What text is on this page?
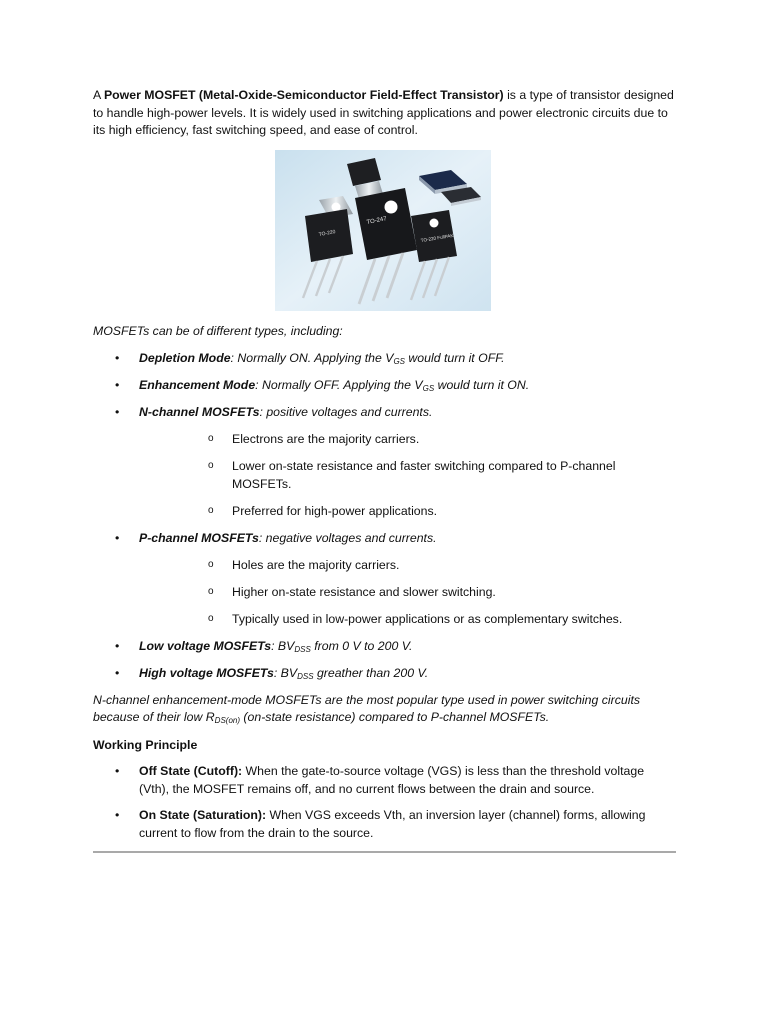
A Power MOSFET (Metal-Oxide-Semiconductor Field-Effect Transistor) is a type of transistor designed to handle high-power levels. It is widely used in switching applications and power electronic circuits due to its high efficiency, fast switching speed, and ease of control.

TO-220
TO-247
TO-220 FullPAK

MOSFETs can be of different types, including:

• Depletion Mode: Normally ON. Applying the $V_{GS}$ would turn it OFF.
• Enhancement Mode: Normally OFF. Applying the $V_{GS}$ would turn it ON.
• N-channel MOSFETs: positive voltages and currents.
o Electrons are the majority carriers.
o Lower on-state resistance and faster switching compared to P-channel MOSFETs.
o Preferred for high-power applications.
• P-channel MOSFETs: negative voltages and currents.
o Holes are the majority carriers.
o Higher on-state resistance and slower switching.
o Typically used in low-power applications or as complementary switches.
• Low voltage MOSFETs: $BV_{DSS}$ from 0 V to 200 V.
• High voltage MOSFETs: $BV_{DSS}$ greather than 200 V.

N-channel enhancement-mode MOSFETs are the most popular type used in power switching circuits because of their low $R_{DS(on)}$ (on-state resistance) compared to P-channel MOSFETs.

Working Principle

• Off State (Cutoff): When the gate-to-source voltage (VGS) is less than the threshold voltage (Vth), the MOSFET remains off, and no current flows between the drain and source.
• On State (Saturation): When VGS exceeds Vth, an inversion layer (channel) forms, allowing current to flow from the drain to the source.
